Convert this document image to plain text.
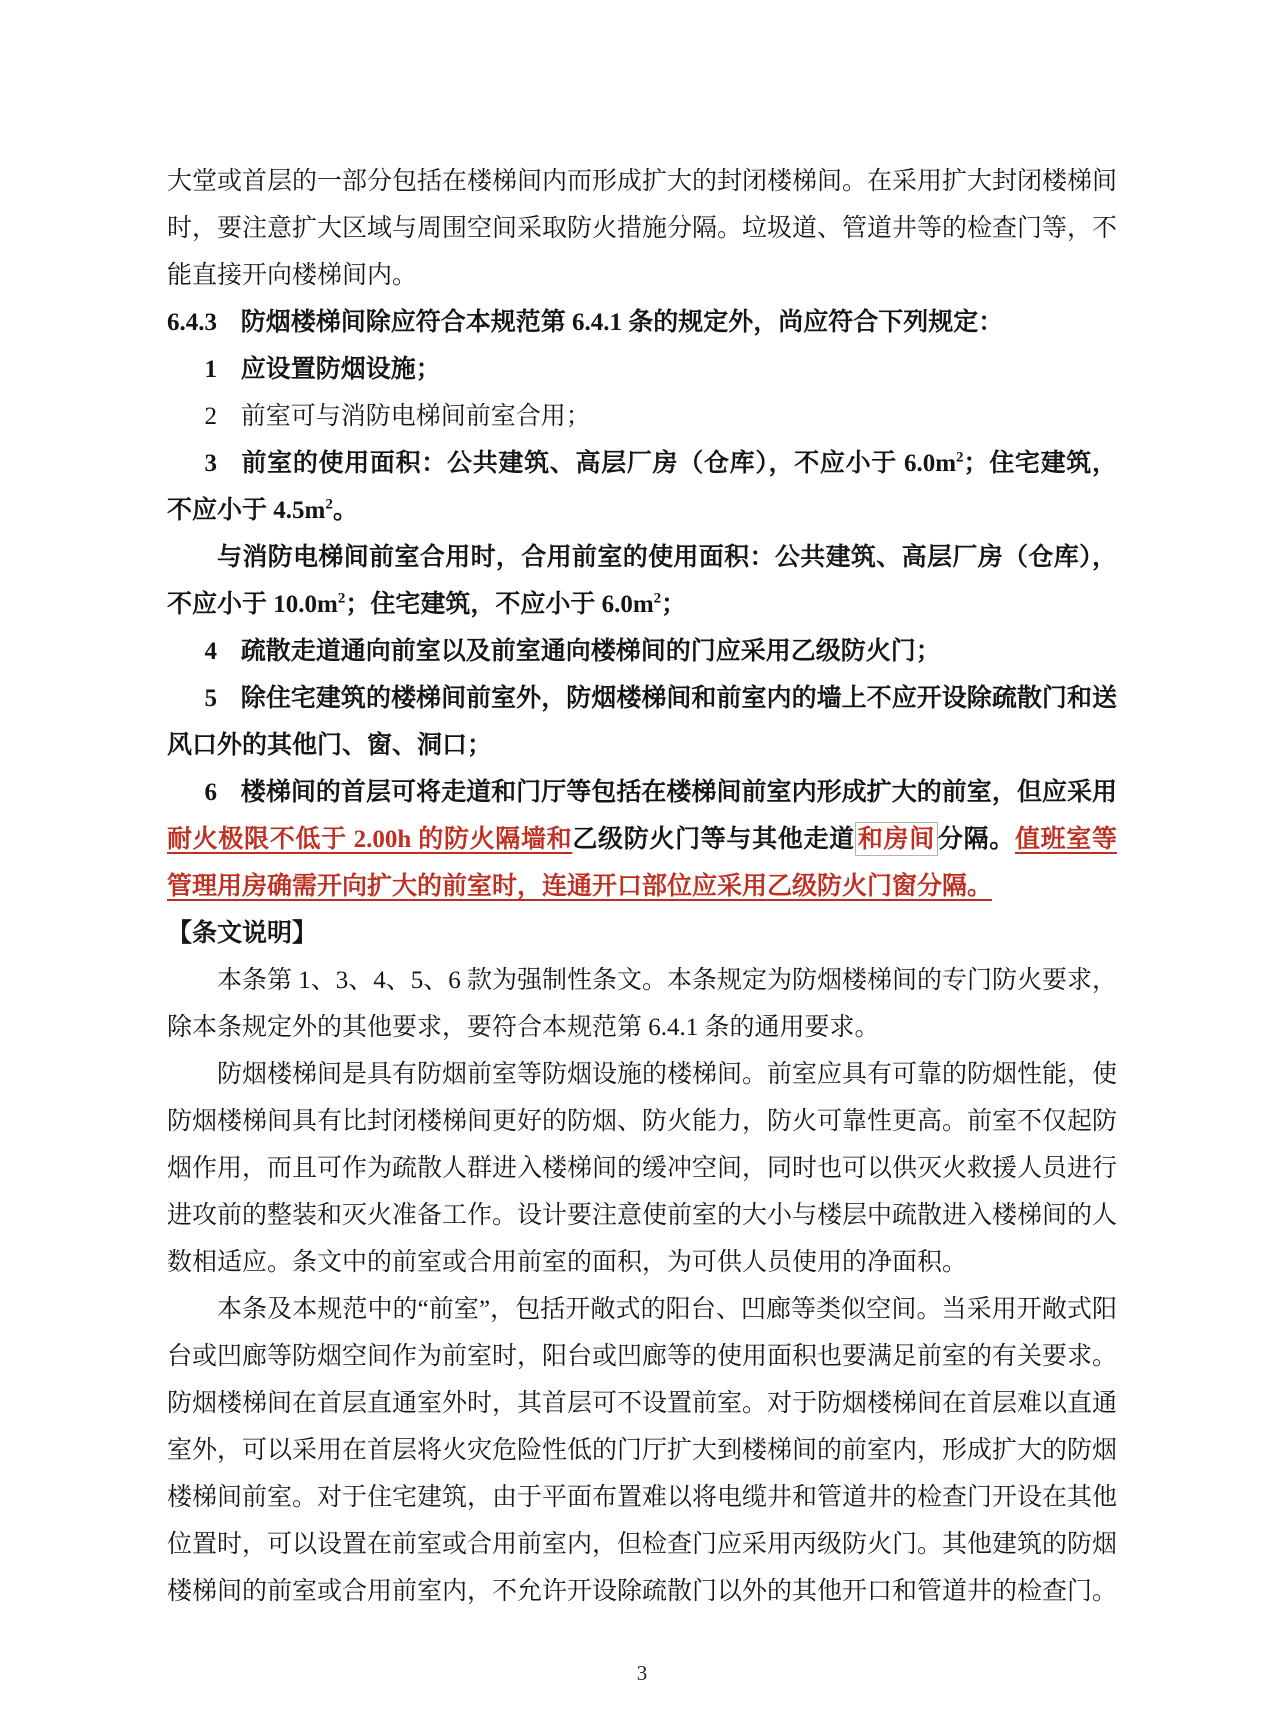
大堂或首层的一部分包括在楼梯间内而形成扩大的封闭楼梯间。在采用扩大封闭楼梯间时，要注意扩大区域与周围空间采取防火措施分隔。垃圾道、管道井等的检查门等，不能直接开向楼梯间内。

6.4.3 防烟楼梯间除应符合本规范第 6.4.1 条的规定外，尚应符合下列规定：

1 应设置防烟设施；

2 前室可与消防电梯间前室合用；

3 前室的使用面积：公共建筑、高层厂房（仓库），不应小于 $6.0m^2$；住宅建筑，不应小于 $4.5m^2$。

与消防电梯间前室合用时，合用前室的使用面积：公共建筑、高层厂房（仓库），不应小于 $10.0m^2$；住宅建筑，不应小于 $6.0m^2$；

4 疏散走道通向前室以及前室通向楼梯间的门应采用乙级防火门；

5 除住宅建筑的楼梯间前室外，防烟楼梯间和前室内的墙上不应开设除疏散门和送风口外的其他门、窗、洞口；

6 楼梯间的首层可将走道和门厅等包括在楼梯间前室内形成扩大的前室，但应采用耐火极限不低于 2.00h 的防火隔墙和乙级防火门等与其他走道 和房间 分隔。值班室等管理用房确需开向扩大的前室时，连通开口部位应采用乙级防火门窗分隔。

【条文说明】

本条第 1、3、4、5、6 款为强制性条文。本条规定为防烟楼梯间的专门防火要求，除本条规定外的其他要求，要符合本规范第 6.4.1 条的通用要求。

防烟楼梯间是具有防烟前室等防烟设施的楼梯间。前室应具有可靠的防烟性能，使防烟楼梯间具有比封闭楼梯间更好的防烟、防火能力，防火可靠性更高。前室不仅起防烟作用，而且可作为疏散人群进入楼梯间的缓冲空间，同时也可以供灭火救援人员进行进攻前的整装和灭火准备工作。设计要注意使前室的大小与楼层中疏散进入楼梯间的人数相适应。条文中的前室或合用前室的面积，为可供人员使用的净面积。

本条及本规范中的“前室”，包括开敞式的阳台、凹廊等类似空间。当采用开敞式阳台或凹廊等防烟空间作为前室时，阳台或凹廊等的使用面积也要满足前室的有关要求。防烟楼梯间在首层直通室外时，其首层可不设置前室。对于防烟楼梯间在首层难以直通室外，可以采用在首层将火灾危险性低的门厅扩大到楼梯间的前室内，形成扩大的防烟楼梯间前室。对于住宅建筑，由于平面布置难以将电缆井和管道井的检查门开设在其他位置时，可以设置在前室或合用前室内，但检查门应采用丙级防火门。其他建筑的防烟楼梯间的前室或合用前室内，不允许开设除疏散门以外的其他开口和管道井的检查门。

3
